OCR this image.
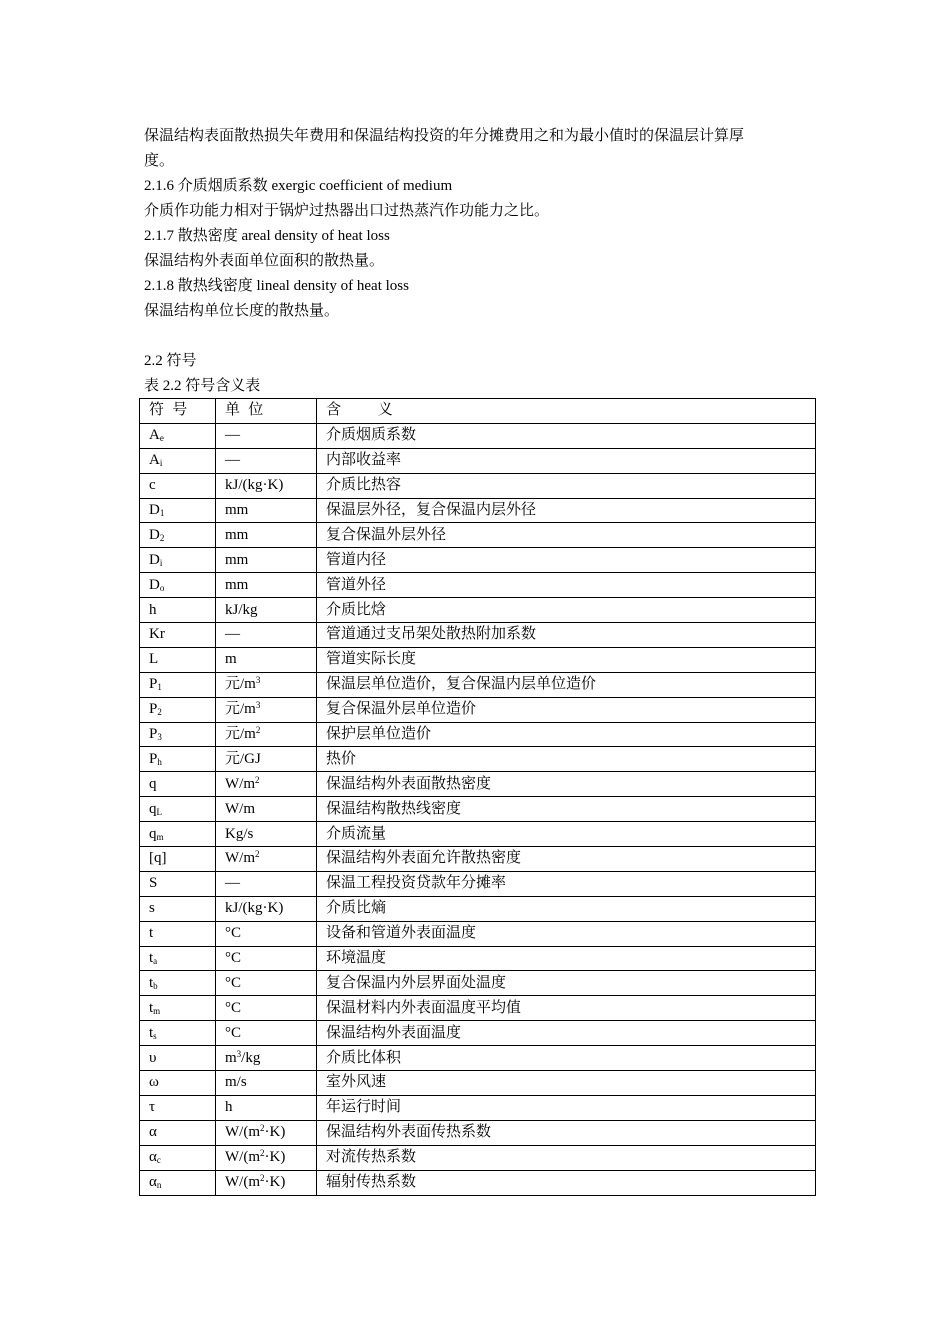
保温结构表面散热损失年费用和保温结构投资的年分摊费用之和为最小值时的保温层计算厚

度。

2.1.6 介质烟质系数 exergic coefficient of medium

介质作功能力相对于锅炉过热器出口过热蒸汽作功能力之比。

2.1.7 散热密度 areal density of heat loss

保温结构外表面单位面积的散热量。

2.1.8 散热线密度 lineal density of heat loss

保温结构单位长度的散热量。

2.2 符号

表 2.2 符号含义表

符 号	单 位	含　　义
$A_e$	—	介质烟质系数
$A_i$	—	内部收益率
c	kJ/(kg·K)	介质比热容
$D_1$	mm	保温层外径，复合保温内层外径
$D_2$	mm	复合保温外层外径
$D_i$	mm	管道内径
$D_o$	mm	管道外径
h	kJ/kg	介质比焓
Kr	—	管道通过支吊架处散热附加系数
L	m	管道实际长度
$P_1$	元$/m^3$	保温层单位造价，复合保温内层单位造价
$P_2$	元$/m^3$	复合保温外层单位造价
$P_3$	元$/m^2$	保护层单位造价
$P_h$	元/GJ	热价
q	$W/m^2$	保温结构外表面散热密度
$q_L$	W/m	保温结构散热线密度
$q_m$	Kg/s	介质流量
[q]	$W/m^2$	保温结构外表面允许散热密度
S	—	保温工程投资贷款年分摊率
s	kJ/(kg·K)	介质比熵
t	°C	设备和管道外表面温度
$t_a$	°C	环境温度
$t_b$	°C	复合保温内外层界面处温度
$t_m$	°C	保温材料内外表面温度平均值
$t_s$	°C	保温结构外表面温度
υ	$m^3/kg$	介质比体积
ω	m/s	室外风速
τ	h	年运行时间
α	$W/(m^2\cdot K)$	保温结构外表面传热系数
$\alpha_c$	$W/(m^2\cdot K)$	对流传热系数
$\alpha_n$	$W/(m^2\cdot K)$	辐射传热系数
